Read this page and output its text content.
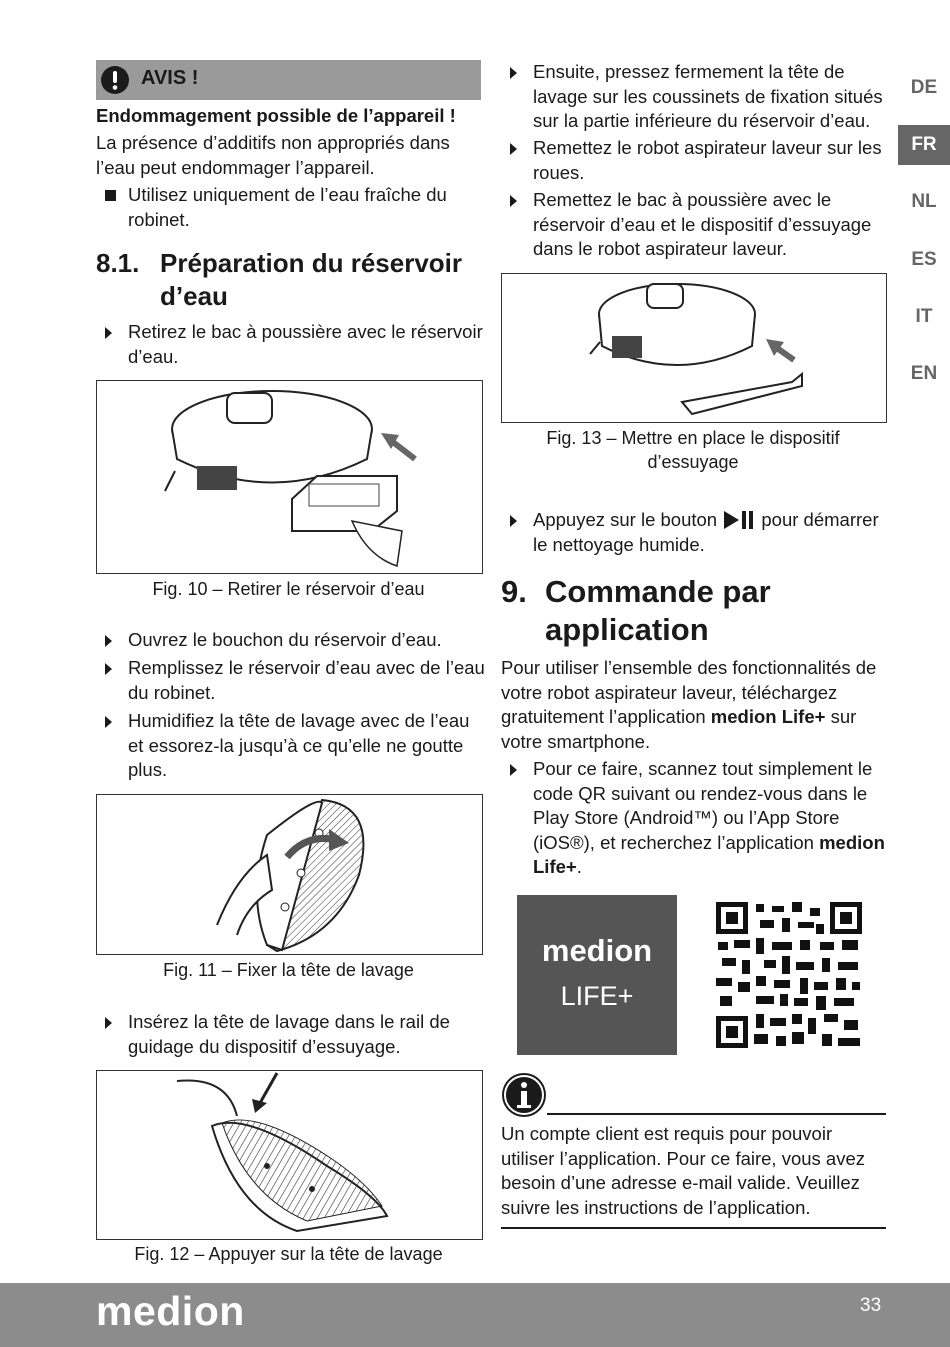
DE
FR
NL
ES
IT
EN
AVIS !
Endommagement possible de l’appareil !
La présence d’additifs non appropriés dans l’eau peut endommager l’appareil.
Utilisez uniquement de l’eau fraîche du robinet.
8.1. Préparation du réservoir d’eau
Retirez le bac à poussière avec le réservoir d’eau.
Fig. 10 – Retirer le réservoir d’eau
Ouvrez le bouchon du réservoir d’eau.
Remplissez le réservoir d’eau avec de l’eau du robinet.
Humidifiez la tête de lavage avec de l’eau et essorez-la jusqu’à ce qu’elle ne goutte plus.
Fig. 11 – Fixer la tête de lavage
Insérez la tête de lavage dans le rail de guidage du dispositif d’essuyage.
Fig. 12 – Appuyer sur la tête de lavage
Ensuite, pressez fermement la tête de lavage sur les coussinets de fixation situés sur la partie inférieure du réservoir d’eau.
Remettez le robot aspirateur laveur sur les roues.
Remettez le bac à poussière avec le réservoir d’eau et le dispositif d’essuyage dans le robot aspirateur laveur.
Fig. 13 – Mettre en place le dispositif
d’essuyage
Appuyez sur le bouton pour démarrer le nettoyage humide.
9. Commande par application
Pour utiliser l’ensemble des fonctionnalités de votre robot aspirateur laveur, téléchargez gratuitement l’application medion Life+ sur votre smartphone.
Pour ce faire, scannez tout simplement le code QR suivant ou rendez-vous dans le Play Store (Android™) ou l’App Store (iOS®), et recherchez l’application medion Life+.
medion
LIFE+
Un compte client est requis pour pouvoir utiliser l’application. Pour ce faire, vous avez besoin d’une adresse e-mail valide. Veuillez suivre les instructions de l’application.
medion	33
